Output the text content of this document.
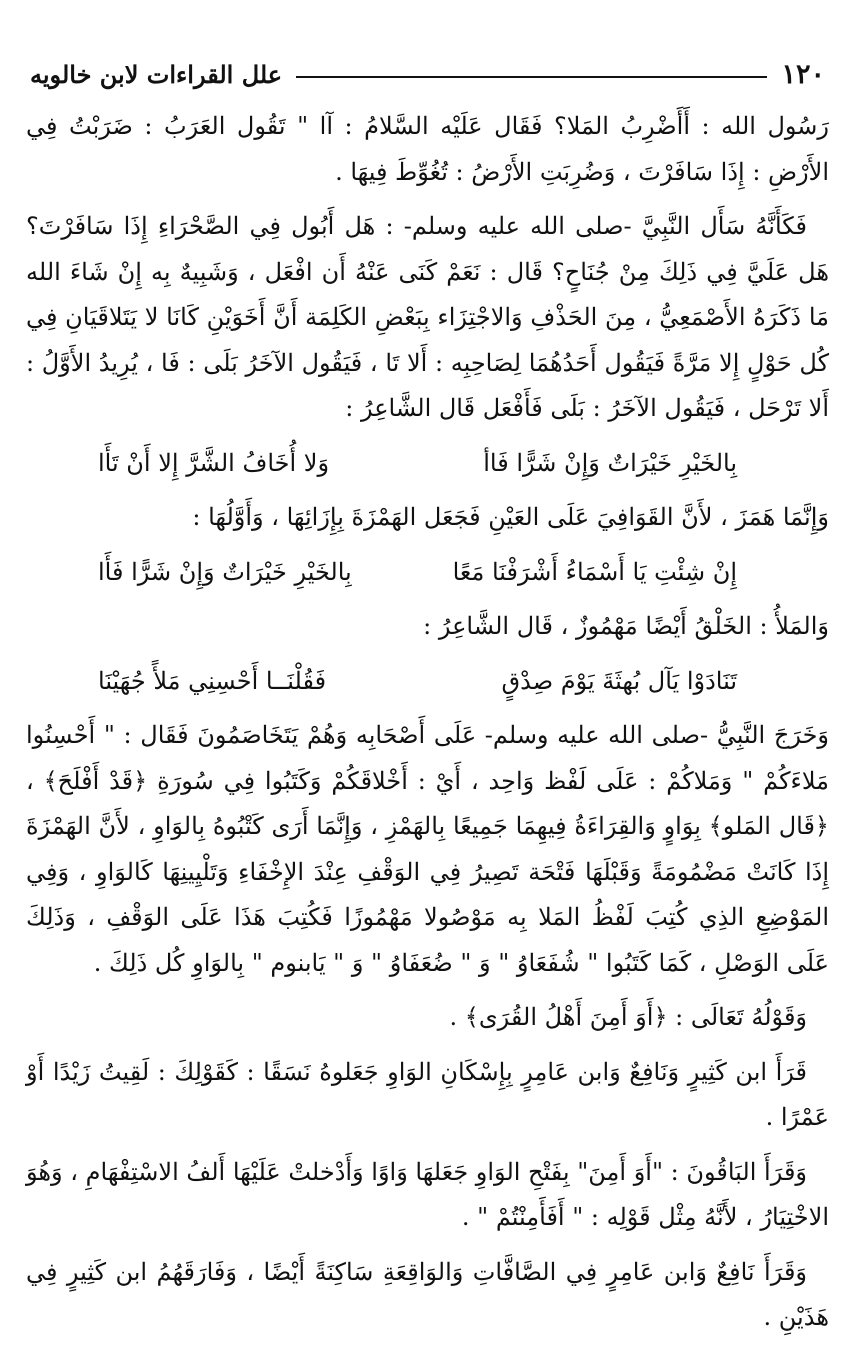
١٢٠
علل القراءات لابن خالويه

رَسُول الله : أَأَضْرِبُ المَلا؟ فَقَال عَلَيْه السَّلامُ : آا " تَقُول العَرَبُ : ضَرَبْتُ فِي الأَرْضِ : إِذَا سَافَرْتَ ، وَضُرِبَتِ الأَرْضُ : تُغُوِّطَ فِيهَا .

فَكَأَنَّهُ سَأَل النَّبِيَّ -صلى الله عليه وسلم- : هَل أَبُول فِي الصَّحْرَاءِ إِذَا سَافَرْتَ؟ هَل عَلَيَّ فِي ذَلِكَ مِنْ جُنَاحٍ؟ قَال : نَعَمْ كَنَى عَنْهُ أَن افْعَل ، وَشَبِيهٌ بِه إِنْ شَاءَ الله مَا ذَكَرَهُ الأَصْمَعِيُّ ، مِنَ الحَذْفِ وَالاجْتِزَاء بِبَعْضِ الكَلِمَة أَنَّ أَخَوَيْنِ كَانَا لا يَتَلاقَيَانِ فِي كُل حَوْلٍ إِلا مَرَّةً فَيَقُول أَحَدُهُمَا لِصَاحِبِه : أَلا تَا ، فَيَقُول الآخَرُ بَلَى : فَا ، يُرِيدُ الأَوَّلُ : أَلا تَرْحَل ، فَيَقُول الآخَرُ : بَلَى فَأَفْعَل قَال الشَّاعِرُ :

بِالخَيْرِ خَيْرَاتٌ وَإِنْ شَرًّا فَاأ
وَلا أُخَافُ الشَّرَّ إِلا أَنْ تَأَا

وَإِنَّمَا هَمَزَ ، لأَنَّ القَوَافِيَ عَلَى العَيْنِ فَجَعَل الهَمْزَةَ بِإِزَائِهَا ، وَأَوَّلُهَا :

إِنْ شِئْتِ يَا أَسْمَاءُ أَشْرَفْنَا مَعًا
بِالخَيْرِ خَيْرَاتٌ وَإِنْ شَرًّا فَأَا

وَالمَلأُ : الخَلْقُ أَيْضًا مَهْمُوزٌ ، قَال الشَّاعِرُ :

تَنَادَوْا يَآل بُهثَةَ يَوْمَ صِدْقٍ
فَقُلْنَــا أَحْسِنِي مَلأً جُهَيْنَا

وَخَرَجَ النَّبِيُّ -صلى الله عليه وسلم- عَلَى أَصْحَابِه وَهُمْ يَتَخَاصَمُونَ فَقَال : " أَحْسِنُوا مَلاءَكُمْ " وَمَلاكُمْ : عَلَى لَفْظ وَاحِد ، أَيْ : أَخْلاقَكُمْ وَكَتَبُوا فِي سُورَةِ ﴿قَدْ أَفْلَحَ﴾ ، ﴿قَال المَلو﴾ بِوَاوٍ وَالقِرَاءَةُ فِيهِمَا جَمِيعًا بِالهَمْزِ ، وَإِنَّمَا أَرَى كَتْبُوهُ بِالوَاوِ ، لأَنَّ الهَمْزَةَ إِذَا كَانَتْ مَضْمُومَةً وَقَبْلَهَا فَتْحَة تَصِيرُ فِي الوَقْفِ عِنْدَ الإِخْفَاءِ وَتَلْيِينِهَا كَالوَاوِ ، وَفِي المَوْضِعِ الذِي كُتِبَ لَفْظُ المَلا بِه مَوْصُولا مَهْمُوزًا فَكُتِبَ هَذَا عَلَى الوَقْفِ ، وَذَلِكَ عَلَى الوَصْلِ ، كَمَا كَتَبُوا " شُفَعَاوُ " وَ " ضُعَفَاوُ " وَ " يَابنوم " بِالوَاوِ كُل ذَلِكَ .

وَقَوْلُهُ تَعَالَى : ﴿أَوَ أَمِنَ أَهْلُ القُرَى﴾ .

قَرَأَ ابن كَثِيرٍ وَنَافِعٌ وَابن عَامِرٍ بِإِسْكَانِ الوَاوِ جَعَلوهُ نَسَقًا : كَقَوْلِكَ : لَقِيتُ زَيْدًا أَوْ عَمْرًا .

وَقَرَأَ البَاقُونَ : "أَوَ أَمِنَ" بِفَتْحِ الوَاوِ جَعَلهَا وَاوًا وَأَدْخلتْ عَلَيْهَا أَلفُ الاسْتِفْهَامِ ، وَهُوَ الاخْتِيَارُ ، لأَنَّهُ مِثْل قَوْلِه : " أَفَأَمِنْتُمْ " .

وَقَرَأَ نَافِعٌ وَابن عَامِرٍ فِي الصَّافَّاتِ وَالوَاقِعَةِ سَاكِنَةً أَيْضًا ، وَفَارَقَهُمُ ابن كَثِيرٍ فِي هَذَيْنِ .
